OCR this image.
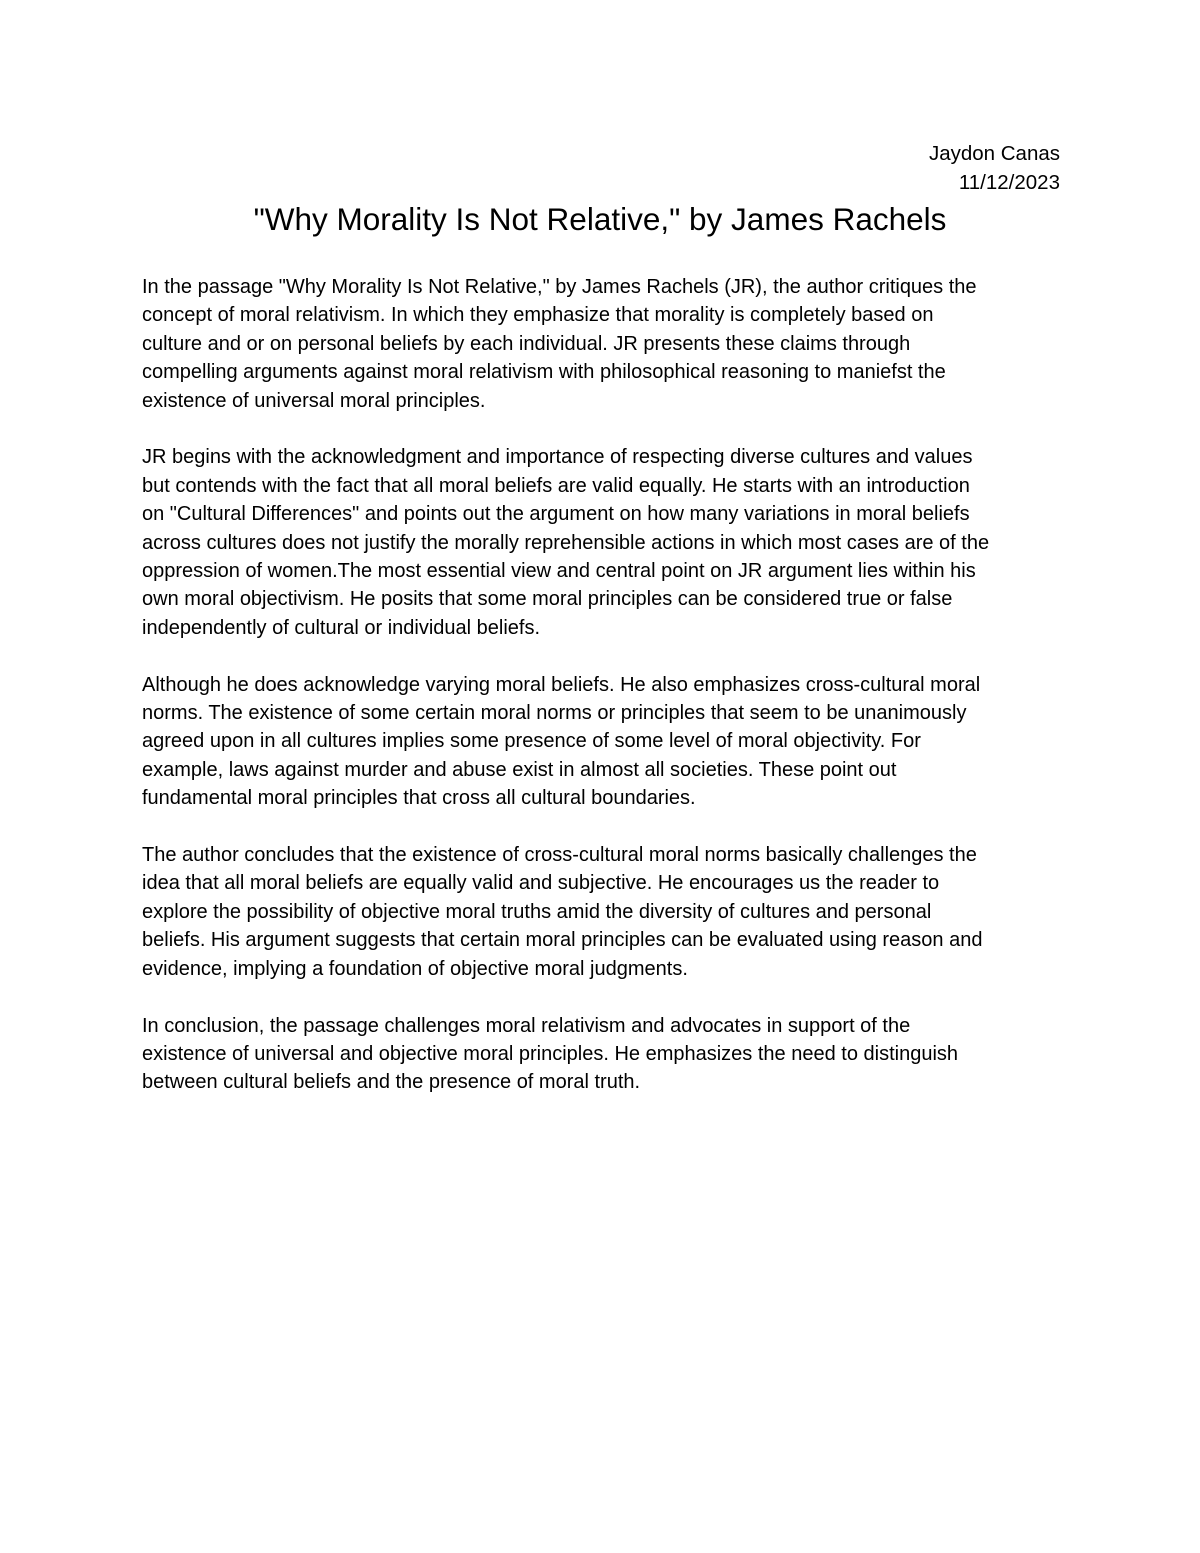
Jaydon Canas
11/12/2023
"Why Morality Is Not Relative," by James Rachels

In the passage "Why Morality Is Not Relative," by James Rachels (JR), the author critiques the
concept of moral relativism. In which they emphasize that morality is completely based on
culture and or on personal beliefs by each individual. JR presents these claims through
compelling arguments against moral relativism with philosophical reasoning to maniefst the
existence of universal moral principles.

JR begins with the acknowledgment and importance of respecting diverse cultures and values
but contends with the fact that all moral beliefs are valid equally. He starts with an introduction
on "Cultural Differences" and points out the argument on how many variations in moral beliefs
across cultures does not justify the morally reprehensible actions in which most cases are of the
oppression of women.The most essential view and central point on JR argument lies within his
own moral objectivism. He posits that some moral principles can be considered true or false
independently of cultural or individual beliefs.

Although he does acknowledge varying moral beliefs. He also emphasizes cross-cultural moral
norms. The existence of some certain moral norms or principles that seem to be unanimously
agreed upon in all cultures implies some presence of some level of moral objectivity. For
example, laws against murder and abuse exist in almost all societies. These point out
fundamental moral principles that cross all cultural boundaries.

The author concludes that the existence of cross-cultural moral norms basically challenges the
idea that all moral beliefs are equally valid and subjective. He encourages us the reader to
explore the possibility of objective moral truths amid the diversity of cultures and personal
beliefs. His argument suggests that certain moral principles can be evaluated using reason and
evidence, implying a foundation of objective moral judgments.

In conclusion, the passage challenges moral relativism and advocates in support of the
existence of universal and objective moral principles. He emphasizes the need to distinguish
between cultural beliefs and the presence of moral truth.
